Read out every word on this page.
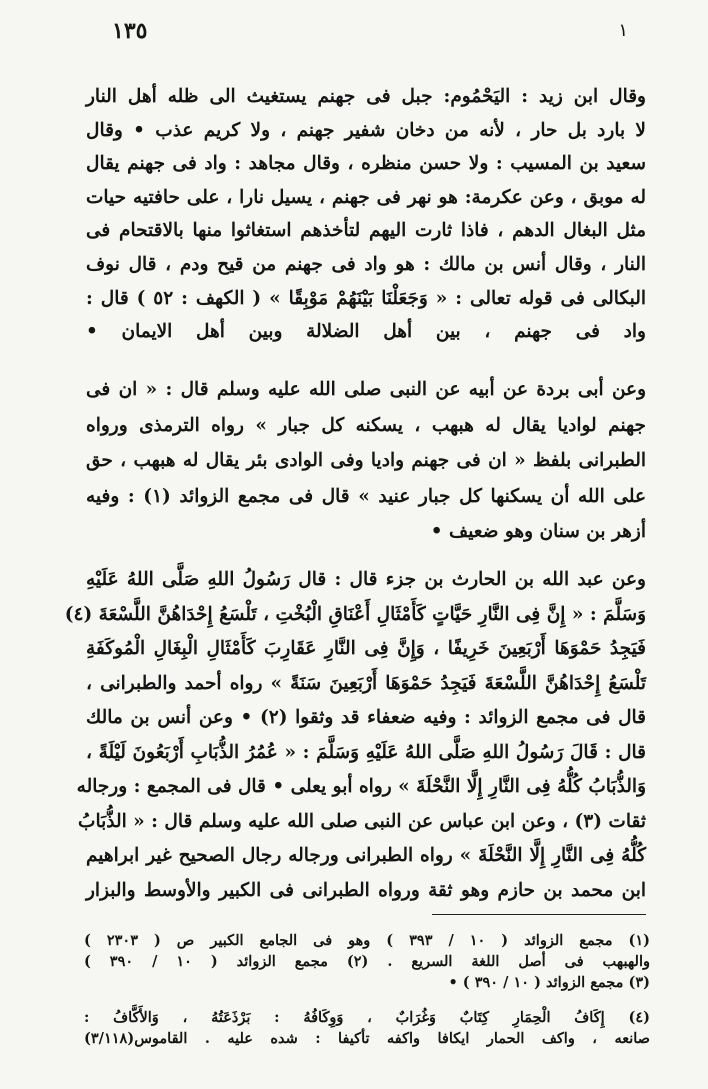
١٣٥	١
وقال ابن زيد : اليَحْمُوم: جبل فى جهنم يستغيث الى ظله أهل النار
لا بارد بل حار ، لأنه من دخان شفير جهنم ، ولا كريم عذب • وقال
سعيد بن المسيب : ولا حسن منظره ، وقال مجاهد : واد فى جهنم يقال
له موبق ، وعن عكرمة: هو نهر فى جهنم ، يسيل نارا ، على حافتيه حيات
مثل البغال الدهم ، فاذا ثارت اليهم لتأخذهم استغاثوا منها بالاقتحام فى
النار ، وقال أنس بن مالك : هو واد فى جهنم من قيح ودم ، قال نوف
البكالى فى قوله تعالى : « وَجَعَلْنَا بَيْنَهُمْ مَوْبِقًا » ( الكهف : ٥٢ ) قال :
واد فى جهنم ، بين أهل الضلالة وبين أهل الايمان •
وعن أبى بردة عن أبيه عن النبى صلى الله عليه وسلم قال : « ان فى
جهنم لواديا يقال له هبهب ، يسكنه كل جبار » رواه الترمذى ورواه
الطبرانى بلفظ « ان فى جهنم واديا وفى الوادى بئر يقال له هبهب ، حق
على الله أن يسكنها كل جبار عنيد » قال فى مجمع الزوائد (١) : وفيه
أزهر بن سنان وهو ضعيف •
وعن عبد الله بن الحارث بن جزء قال : قال رَسُولُ اللهِ صَلَّى اللهُ عَلَيْهِ
وَسَلَّمَ : « إِنَّ فِى النَّارِ حَيَّاتٍ كَأَمْثَالِ أَعْنَاقِ الْبُخْتِ ، تَلْسَعُ إِحْدَاهُنَّ اللَّسْعَةَ (٤)
فَيَجِدُ حَمْوَهَا أَرْبَعِينَ خَرِيفًا ، وَإِنَّ فِى النَّارِ عَقَارِبَ كَأَمْثَالِ الْبِغَالِ الْمُوكَفَةِ
تَلْسَعُ إِحْدَاهُنَّ اللَّسْعَةَ فَيَجِدُ حَمْوَهَا أَرْبَعِينَ سَنَةً » رواه أحمد والطبرانى ،
قال فى مجمع الزوائد : وفيه ضعفاء قد وثقوا (٢) • وعن أنس بن مالك
قال : قَالَ رَسُولُ اللهِ صَلَّى اللهُ عَلَيْهِ وَسَلَّمَ : « عُمُرُ الذُّبَابِ أَرْبَعُونَ لَيْلَةً ،
وَالذُّبَابُ كُلُّهُ فِى النَّارِ إِلَّا النَّحْلَةَ » رواه أبو يعلى • قال فى المجمع : ورجاله
ثقات (٣) ، وعن ابن عباس عن النبى صلى الله عليه وسلم قال : « الذُّبَابُ
كُلُّهُ فِى النَّارِ إِلَّا النَّحْلَةَ » رواه الطبرانى ورجاله رجال الصحيح غير ابراهيم
ابن محمد بن حازم وهو ثقة ورواه الطبرانى فى الكبير والأوسط والبزار
(١) مجمع الزوائد ( ١٠ / ٣٩٣ ) وهو فى الجامع الكبير ص ( ٢٣٠٣ )
والهبهب فى أصل اللغة السريع . (٢) مجمع الزوائد ( ١٠ / ٣٩٠ )
(٣) مجمع الزوائد ( ١٠ / ٣٩٠ ) •
(٤) إِكَافُ الْحِمَارِ كِتَابٌ وَغُرَابٌ ، وَوِكَافُهُ : بَرْذَعَتُهُ ، وَالأَكَّافُ :
صانعه ، واكف الحمار ايكافا واكفه تأكيفا : شده عليه . القاموس(٣/١١٨)
